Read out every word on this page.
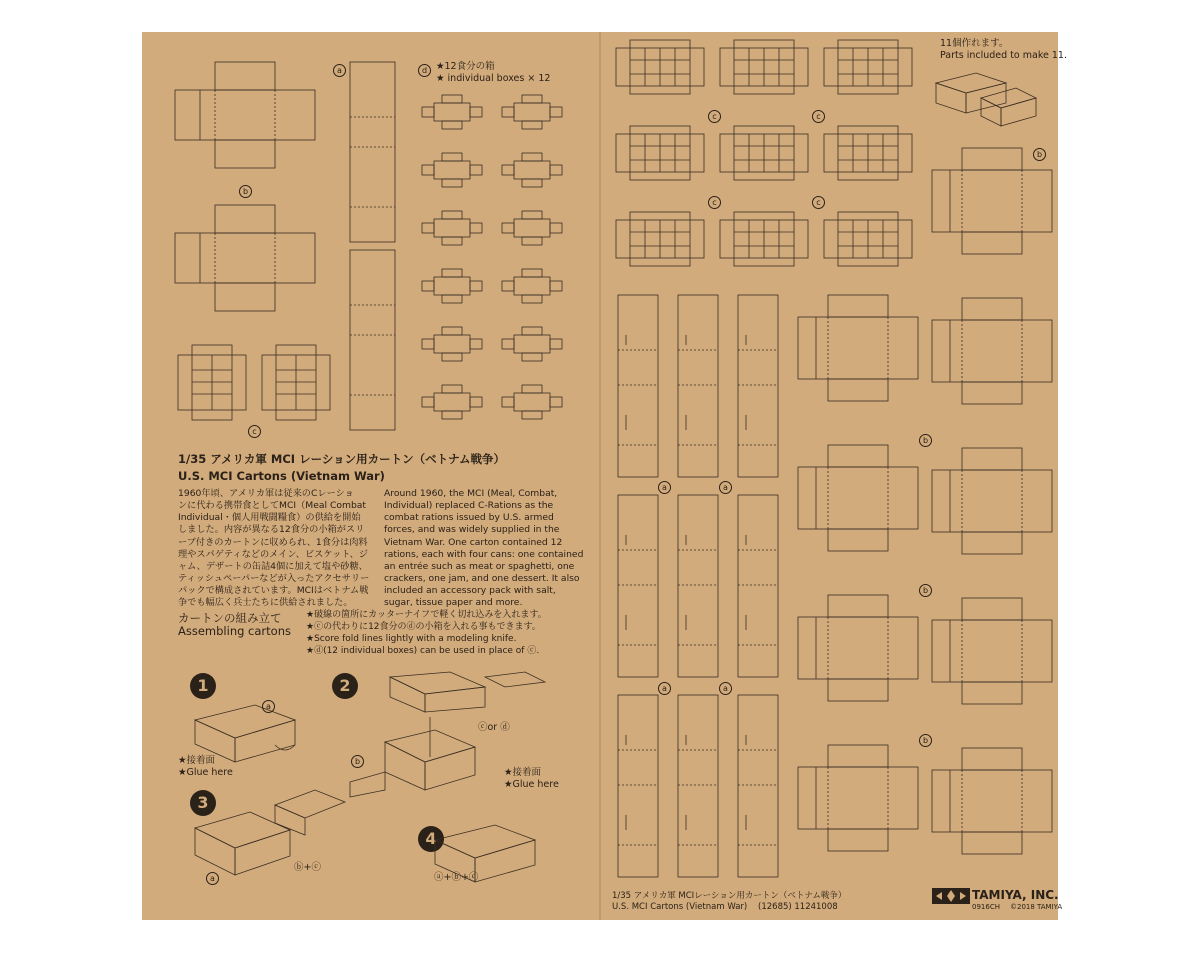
b
c
a	d ★12食分の箱
★ individual boxes × 12
1/35 アメリカ軍 MCI レーション用カートン（ベトナム戦争）
U.S. MCI Cartons (Vietnam War)
1960年頃、アメリカ軍は従来のCレーショ
ンに代わる携帯食としてMCI（Meal Combat
Individual・個人用戦闘糧食）の供給を開始
しました。内容が異なる12食分の小箱がスリ
ーブ付きのカートンに収められ、1食分は肉料
理やスパゲティなどのメイン、ビスケット、ジ
ャム、デザートの缶詰4個に加えて塩や砂糖、
ティッシュペーパーなどが入ったアクセサリー
パックで構成されています。MCIはベトナム戦
争でも幅広く兵士たちに供給されました。
Around 1960, the MCI (Meal, Combat,
Individual) replaced C-Rations as the
combat rations issued by U.S. armed
forces, and was widely supplied in the
Vietnam War. One carton contained 12
rations, each with four cans: one contained
an entrée such as meat or spaghetti, one
crackers, one jam, and one dessert. It also
included an accessory pack with salt,
sugar, tissue paper and more.
カートンの組み立て
Assembling cartons
★破線の箇所にカッターナイフで軽く切れ込みを入れます。
★ⓒの代わりに12食分のⓓの小箱を入れる事もできます。
★Score fold lines lightly with a modeling knife.
★ⓓ(12 individual boxes) can be used in place of ⓒ.
1	2
3
4
a
★接着面
★Glue here
ⓒor ⓓ
b
★接着面
★Glue here
a
ⓑ+ⓒ
ⓐ+ⓑ+ⓒ
11個作れます。
Parts included to make 11.
c	c
c	c
a	a
a	a
b
b
b
b
1/35 アメリカ軍 MCIレーション用カートン（ベトナム戦争）
U.S. MCI Cartons (Vietnam War)    (12685) 11241008
TAMIYA, INC.
0916CH ©2018 TAMIYA
